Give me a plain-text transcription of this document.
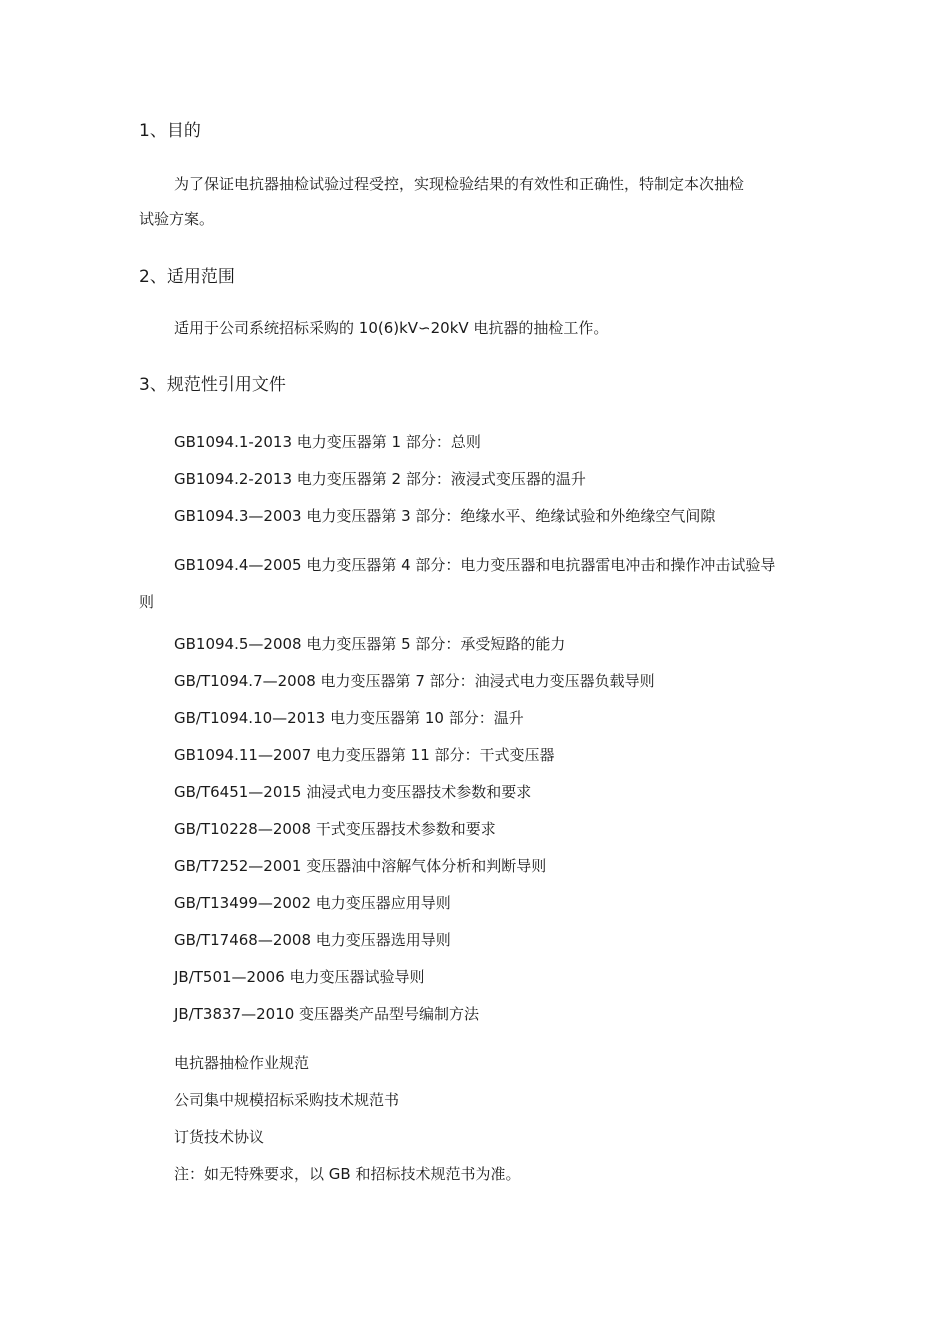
1、目的
为了保证电抗器抽检试验过程受控，实现检验结果的有效性和正确性，特制定本次抽检
试验方案。
2、适用范围
适用于公司系统招标采购的 10(6)kV∽20kV 电抗器的抽检工作。
3、规范性引用文件
GB1094.1-2013 电力变压器第 1 部分：总则
GB1094.2-2013 电力变压器第 2 部分：液浸式变压器的温升
GB1094.3—2003 电力变压器第 3 部分：绝缘水平、绝缘试验和外绝缘空气间隙
GB1094.4—2005 电力变压器第 4 部分：电力变压器和电抗器雷电冲击和操作冲击试验导
则
GB1094.5—2008 电力变压器第 5 部分：承受短路的能力
GB/T1094.7—2008 电力变压器第 7 部分：油浸式电力变压器负载导则
GB/T1094.10—2013 电力变压器第 10 部分：温升
GB1094.11—2007 电力变压器第 11 部分：干式变压器
GB/T6451—2015 油浸式电力变压器技术参数和要求
GB/T10228—2008 干式变压器技术参数和要求
GB/T7252—2001 变压器油中溶解气体分析和判断导则
GB/T13499—2002 电力变压器应用导则
GB/T17468—2008 电力变压器选用导则
JB/T501—2006 电力变压器试验导则
JB/T3837—2010 变压器类产品型号编制方法
电抗器抽检作业规范
公司集中规模招标采购技术规范书
订货技术协议
注：如无特殊要求，以 GB 和招标技术规范书为准。
